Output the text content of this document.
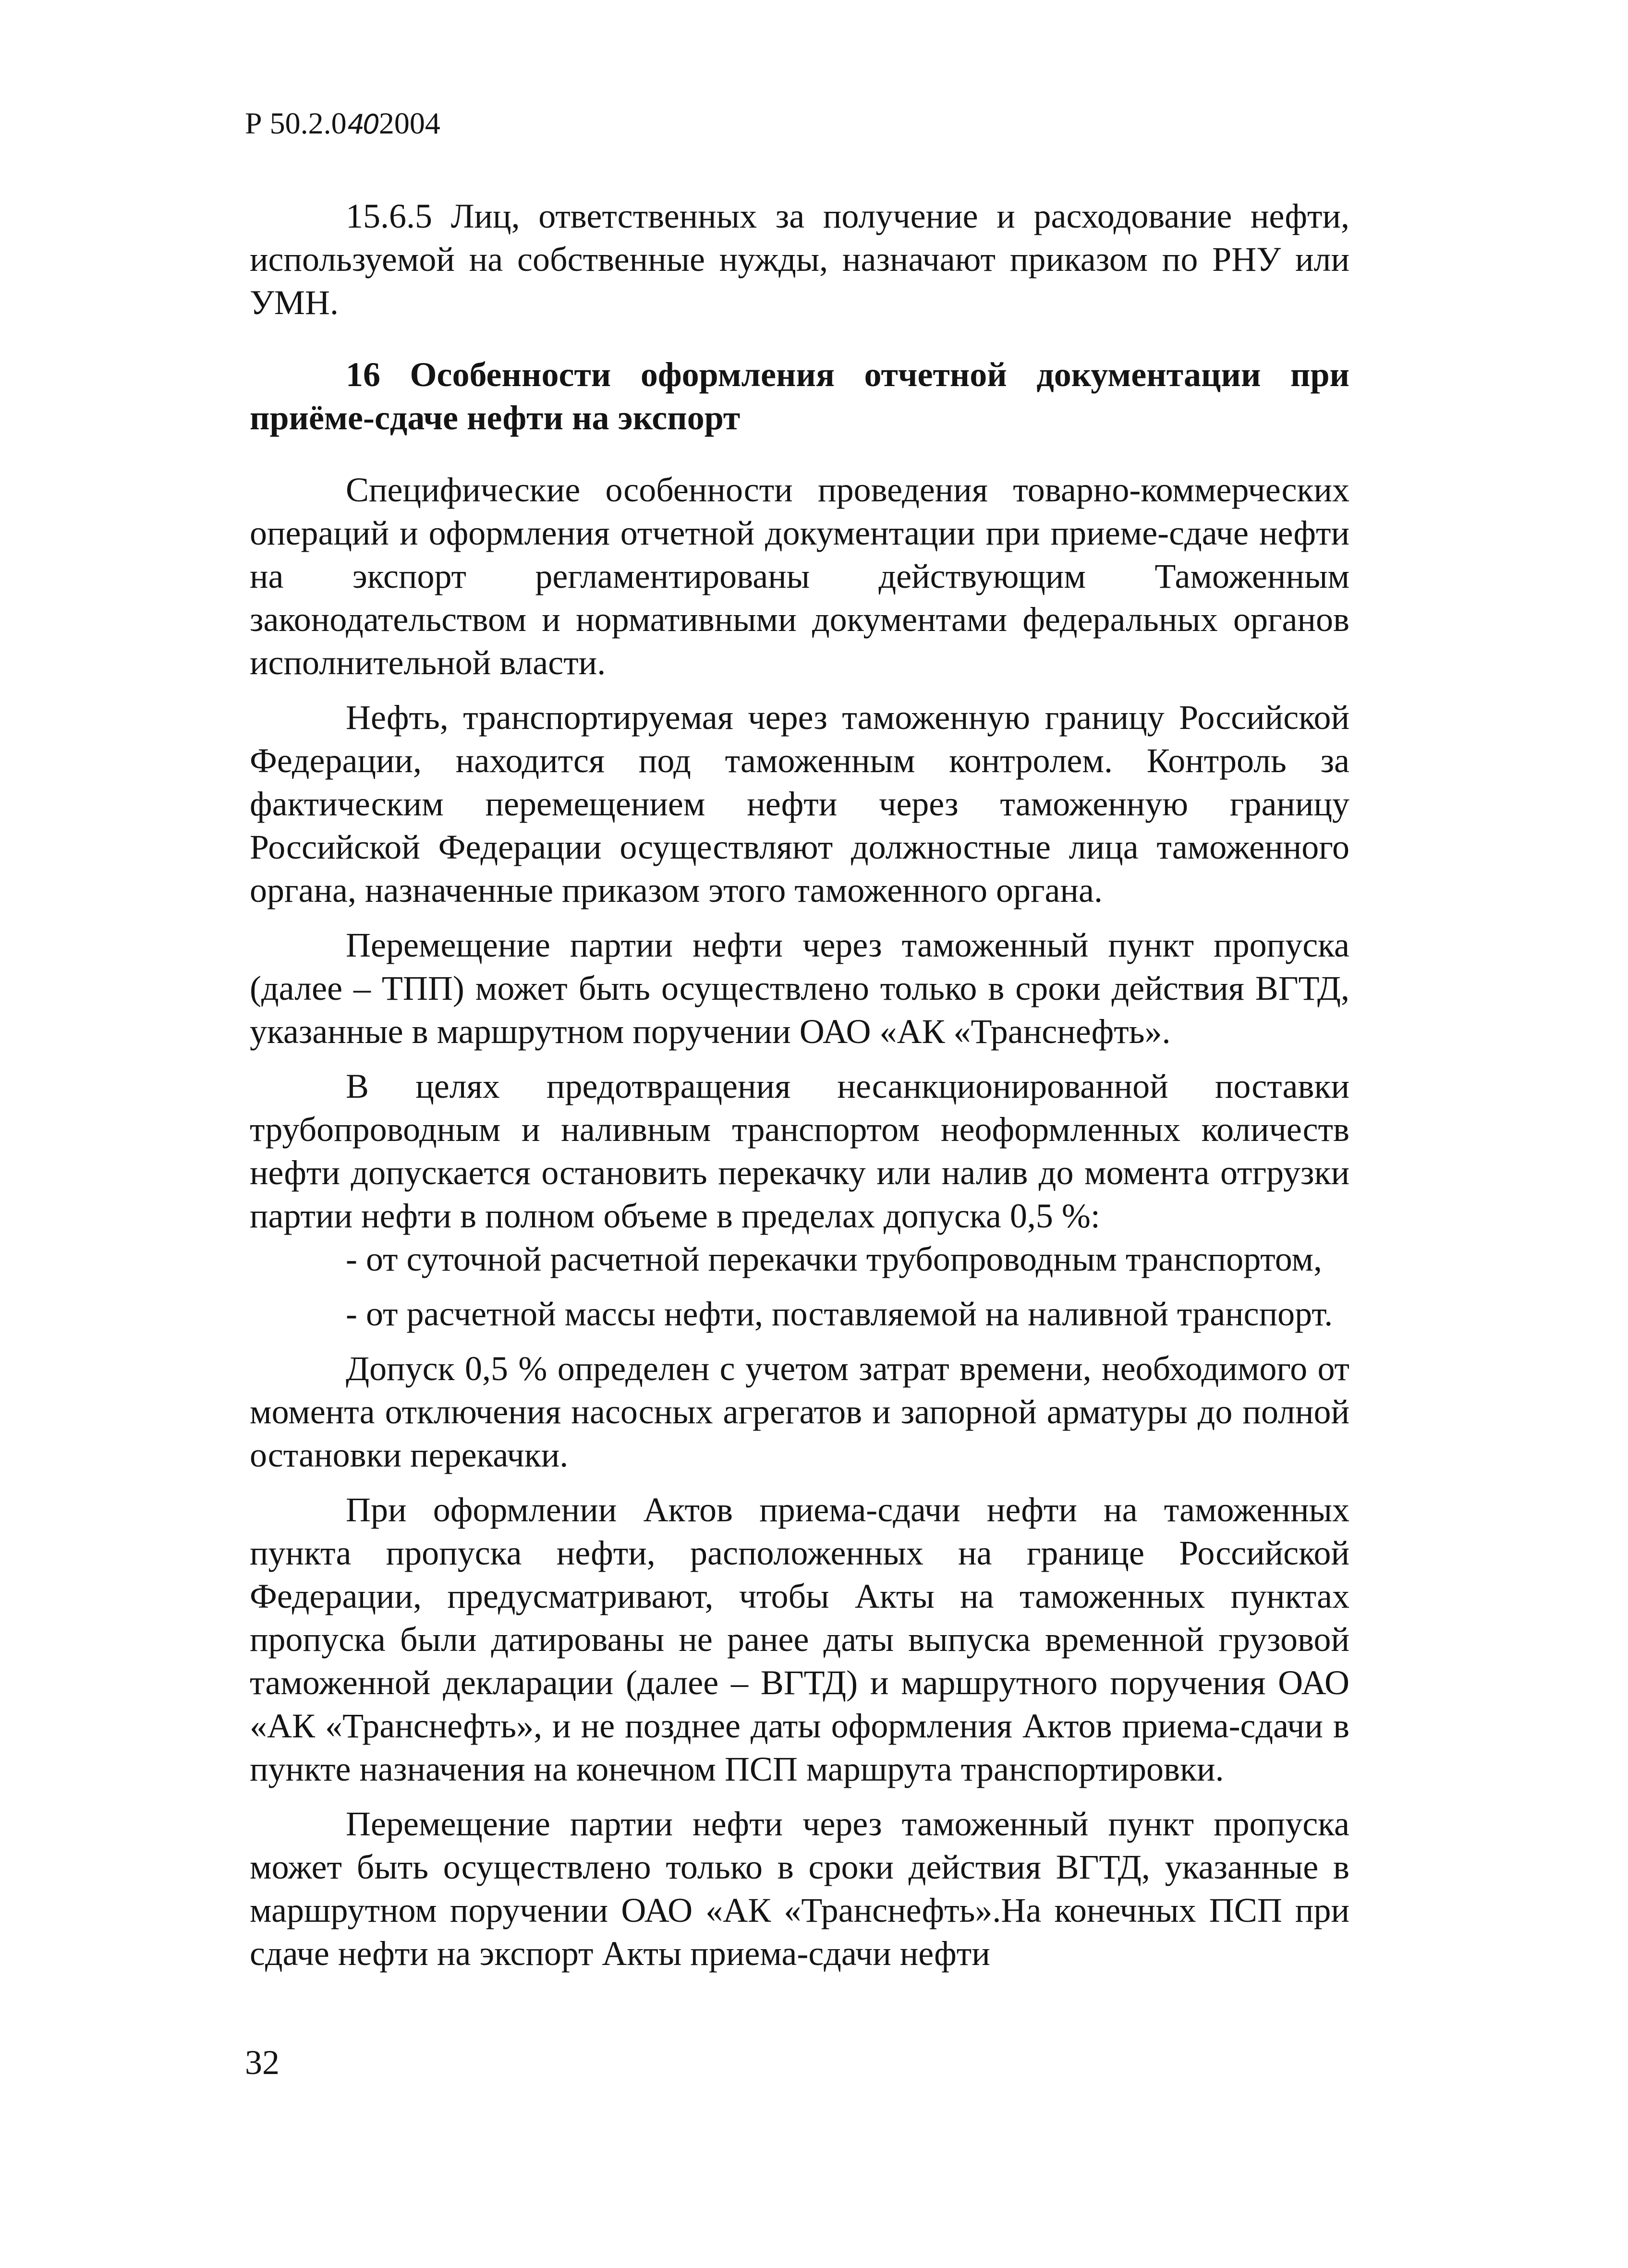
Р 50.2.0402004

15.6.5 Лиц, ответственных за получение и расходование нефти, используемой на собственные нужды, назначают приказом по РНУ или УМН.

16 Особенности оформления отчетной документации при приёме-сдаче нефти на экспорт

Специфические особенности проведения товарно-коммерческих операций и оформления отчетной документации при приеме-сдаче нефти на экспорт регламентированы действующим Таможенным законодательством и нормативными документами федеральных органов исполнительной власти.

Нефть, транспортируемая через таможенную границу Российской Федерации, находится под таможенным контролем. Контроль за фактическим перемещением нефти через таможенную границу Российской Федерации осуществляют должностные лица таможенного органа, назначенные приказом этого таможенного органа.

Перемещение партии нефти через таможенный пункт пропуска (далее – ТПП) может быть осуществлено только в сроки действия ВГТД, указанные в маршрутном поручении ОАО «АК «Транснефть».

В целях предотвращения несанкционированной поставки трубопроводным и наливным транспортом неоформленных количеств нефти допускается остановить перекачку или налив до момента отгрузки партии нефти в полном объеме в пределах допуска 0,5 %:

- от суточной расчетной перекачки трубопроводным транспортом,

- от расчетной массы нефти, поставляемой на наливной транспорт.

Допуск 0,5 % определен с учетом затрат времени, необходимого от момента отключения насосных агрегатов и запорной арматуры до полной остановки перекачки.

При оформлении Актов приема-сдачи нефти на таможенных пункта пропуска нефти, расположенных на границе Российской Федерации, предусматривают, чтобы Акты на таможенных пунктах пропуска были датированы не ранее даты выпуска временной грузовой таможенной декларации (далее – ВГТД) и маршрутного поручения ОАО «АК «Транснефть», и не позднее даты оформления Актов приема-сдачи в пункте назначения на конечном ПСП маршрута транспортировки.

Перемещение партии нефти через таможенный пункт пропуска может быть осуществлено только в сроки действия ВГТД, указанные в маршрутном поручении ОАО «АК «Транснефть».На конечных ПСП при сдаче нефти на экспорт Акты приема-сдачи нефти

32
